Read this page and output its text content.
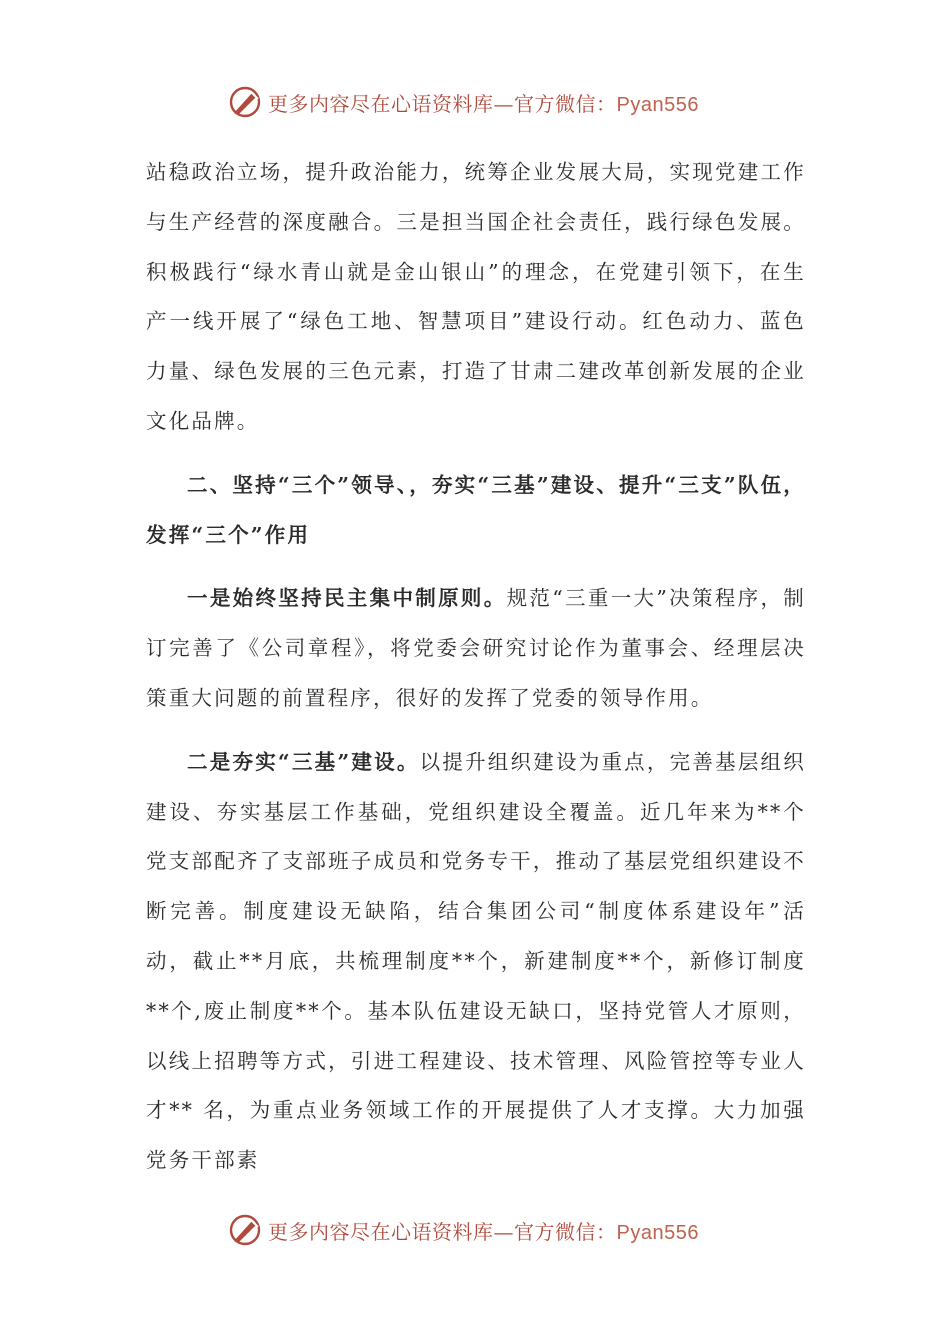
更多内容尽在心语资料库—官方微信：Pyan556

站稳政治立场，提升政治能力，统筹企业发展大局，实现党建工作与生产经营的深度融合。三是担当国企社会责任，践行绿色发展。积极践行“绿水青山就是金山银山”的理念，在党建引领下，在生产一线开展了“绿色工地、智慧项目”建设行动。红色动力、蓝色力量、绿色发展的三色元素，打造了甘肃二建改革创新发展的企业文化品牌。

二、坚持“三个”领导、，夯实“三基”建设、提升“三支”队伍，发挥“三个”作用

一是始终坚持民主集中制原则。规范“三重一大”决策程序，制订完善了《公司章程》，将党委会研究讨论作为董事会、经理层决策重大问题的前置程序，很好的发挥了党委的领导作用。

二是夯实“三基”建设。以提升组织建设为重点，完善基层组织建设、夯实基层工作基础，党组织建设全覆盖。近几年来为**个党支部配齐了支部班子成员和党务专干，推动了基层党组织建设不断完善。制度建设无缺陷，结合集团公司“制度体系建设年”活动，截止**月底，共梳理制度**个，新建制度**个，新修订制度**个,废止制度**个。基本队伍建设无缺口，坚持党管人才原则，以线上招聘等方式，引进工程建设、技术管理、风险管控等专业人才** 名，为重点业务领域工作的开展提供了人才支撑。大力加强党务干部素

更多内容尽在心语资料库—官方微信：Pyan556
